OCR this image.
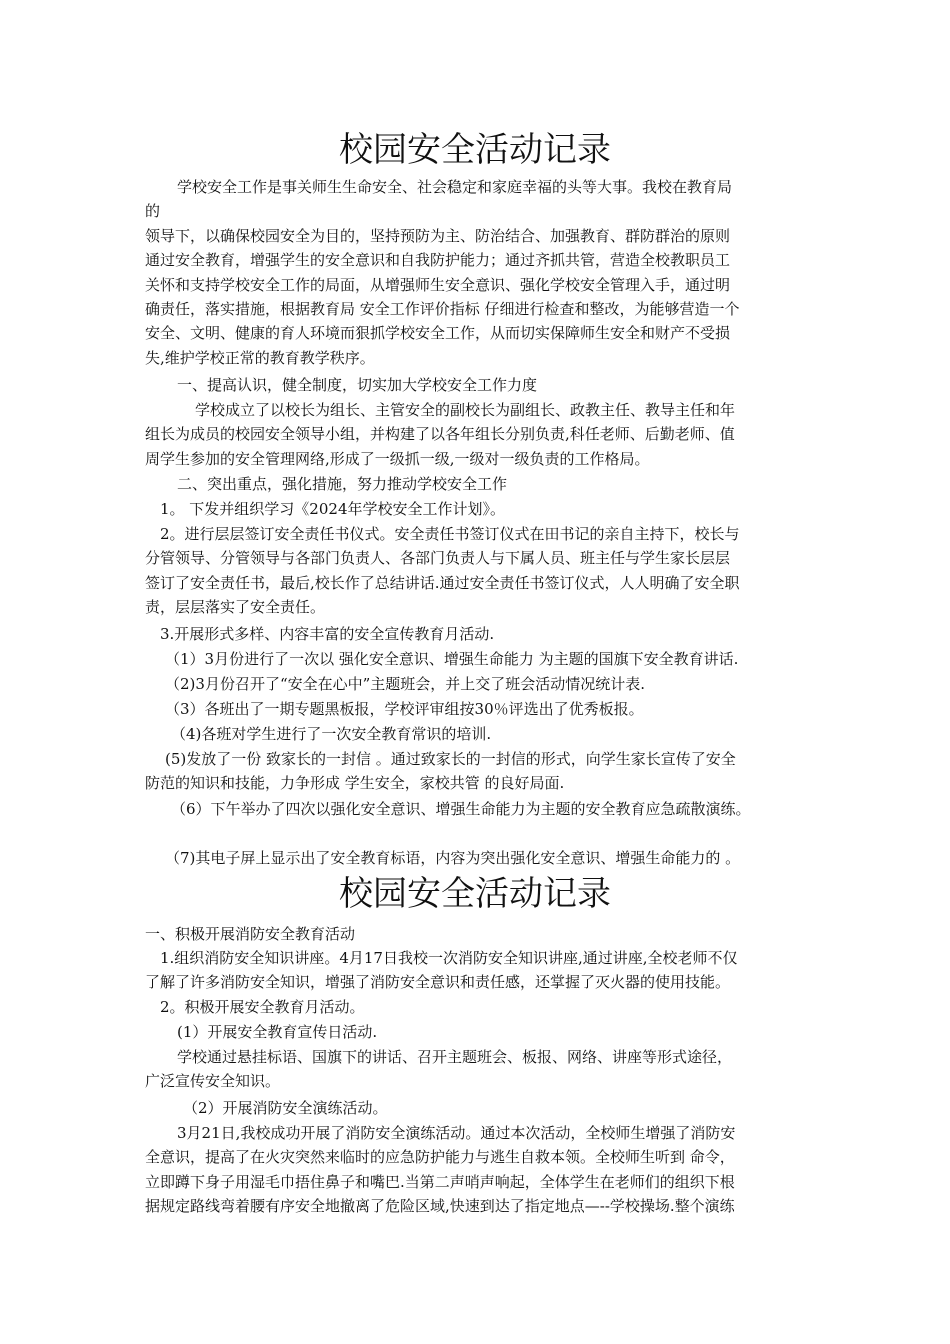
校园安全活动记录
学校安全工作是事关师生生命安全、社会稳定和家庭幸福的头等大事。我校在教育局
的
领导下，以确保校园安全为目的，坚持预防为主、防治结合、加强教育、群防群治的原则
通过安全教育，增强学生的安全意识和自我防护能力；通过齐抓共管，营造全校教职员工
关怀和支持学校安全工作的局面，从增强师生安全意识、强化学校安全管理入手，通过明
确责任，落实措施，根据教育局 安全工作评价指标 仔细进行检查和整改，为能够营造一个
安全、文明、健康的育人环境而狠抓学校安全工作，从而切实保障师生安全和财产不受损
失,维护学校正常的教育教学秩序。
一、提高认识，健全制度，切实加大学校安全工作力度
学校成立了以校长为组长、主管安全的副校长为副组长、政教主任、教导主任和年
组长为成员的校园安全领导小组，并构建了以各年组长分别负责,科任老师、后勤老师、值
周学生参加的安全管理网络,形成了一级抓一级,一级对一级负责的工作格局。
二、突出重点，强化措施，努力推动学校安全工作
1。 下发并组织学习《2024年学校安全工作计划》。
2。进行层层签订安全责任书仪式。安全责任书签订仪式在田书记的亲自主持下，校长与
分管领导、分管领导与各部门负责人、各部门负责人与下属人员、班主任与学生家长层层
签订了安全责任书，最后,校长作了总结讲话.通过安全责任书签订仪式，人人明确了安全职
责，层层落实了安全责任。
3.开展形式多样、内容丰富的安全宣传教育月活动.
（1）3月份进行了一次以 强化安全意识、增强生命能力 为主题的国旗下安全教育讲话.
（2)3月份召开了“安全在心中”主题班会，并上交了班会活动情况统计表.
（3）各班出了一期专题黑板报，学校评审组按30％评选出了优秀板报。
（4)各班对学生进行了一次安全教育常识的培训.
(5)发放了一份 致家长的一封信 。通过致家长的一封信的形式，向学生家长宣传了安全
防范的知识和技能，力争形成 学生安全，家校共管 的良好局面.
（6）下午举办了四次以强化安全意识、增强生命能力为主题的安全教育应急疏散演练。
（7)其电子屏上显示出了安全教育标语，内容为突出强化安全意识、增强生命能力的 。
校园安全活动记录
一、积极开展消防安全教育活动
1.组织消防安全知识讲座。4月17日我校一次消防安全知识讲座,通过讲座,全校老师不仅
了解了许多消防安全知识，增强了消防安全意识和责任感，还掌握了灭火器的使用技能。
2。积极开展安全教育月活动。
(1）开展安全教育宣传日活动.
学校通过悬挂标语、国旗下的讲话、召开主题班会、板报、网络、讲座等形式途径，
广泛宣传安全知识。
（2）开展消防安全演练活动。
3月21日,我校成功开展了消防安全演练活动。通过本次活动，全校师生增强了消防安
全意识，提高了在火灾突然来临时的应急防护能力与逃生自救本领。全校师生听到 命令，
立即蹲下身子用湿毛巾捂住鼻子和嘴巴.当第二声哨声响起，全体学生在老师们的组织下根
据规定路线弯着腰有序安全地撤离了危险区域,快速到达了指定地点—--学校操场.整个演练
